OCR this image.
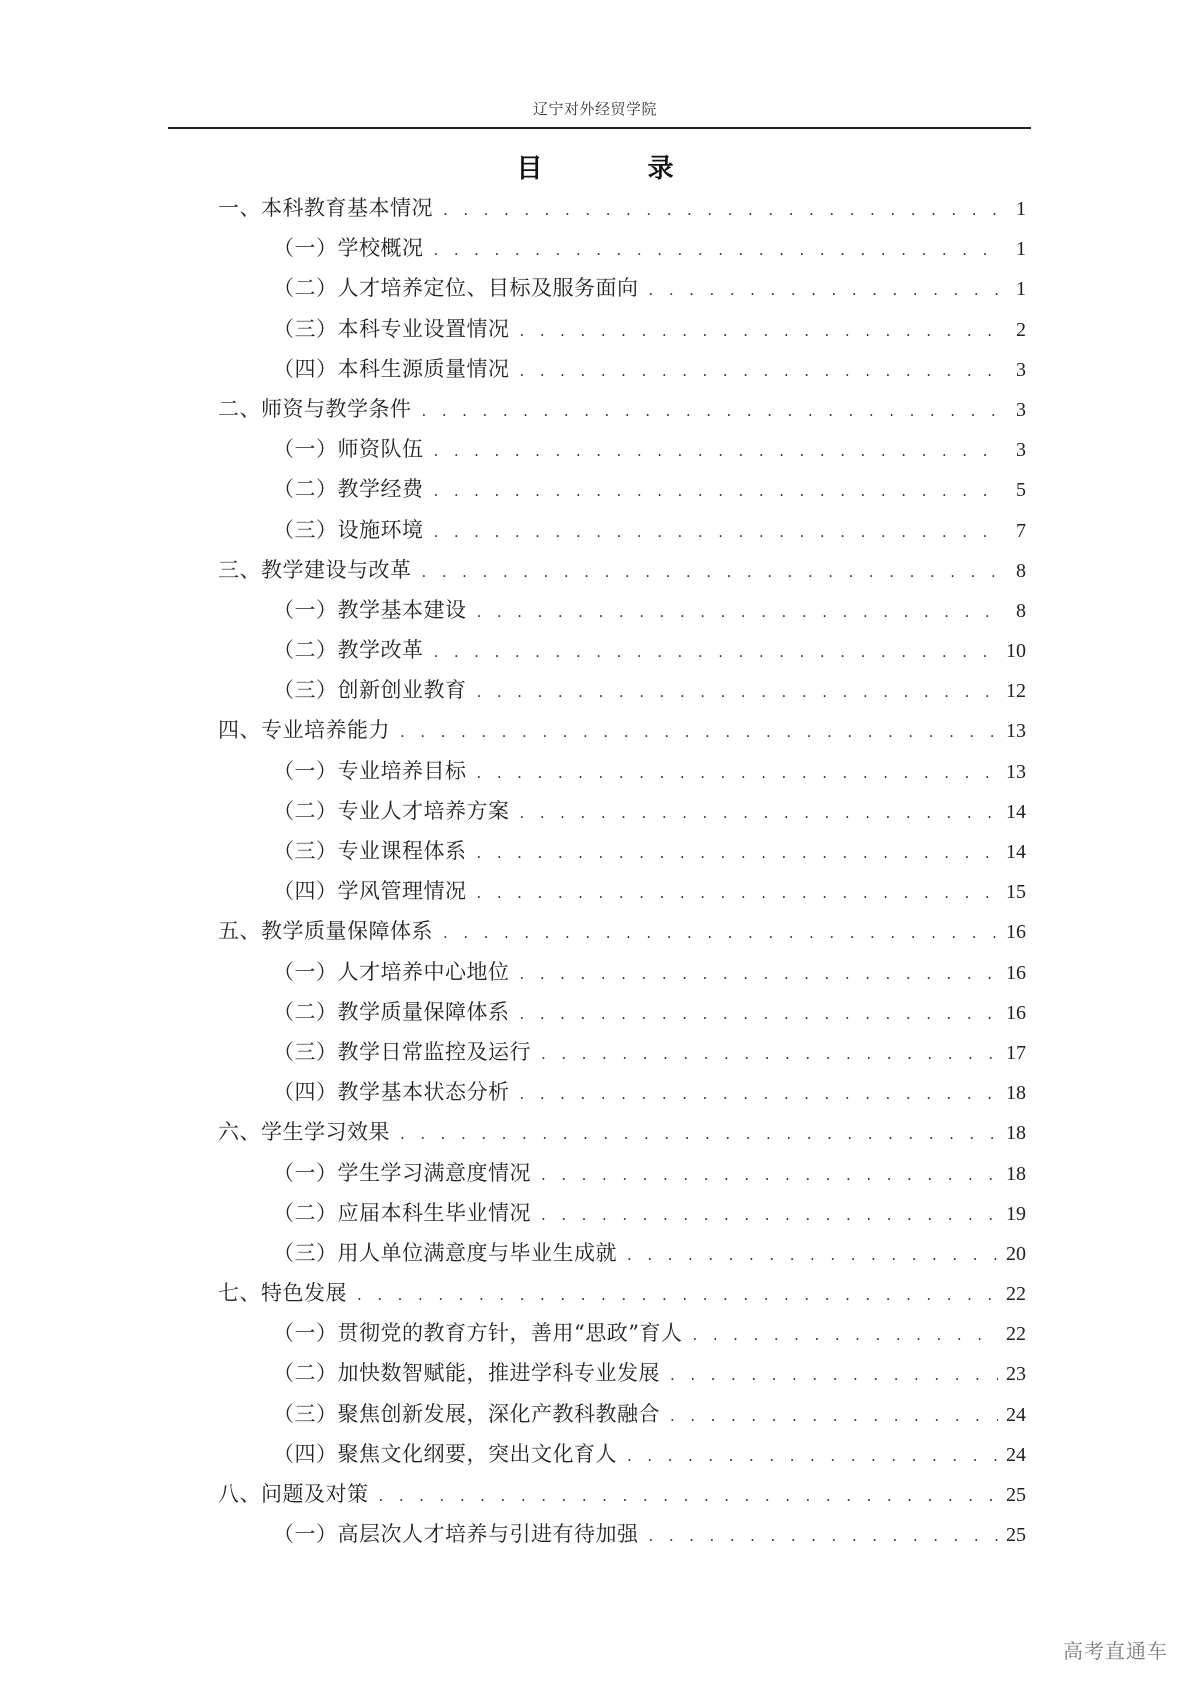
辽宁对外经贸学院
目 录
一、本科教育基本情况 . . .	1
（一）学校概况 . . .	1
（二）人才培养定位、目标及服务面向 . . .	1
（三）本科专业设置情况 . . .	2
（四）本科生源质量情况 . . .	3
二、师资与教学条件 . . .	3
（一）师资队伍 . . .	3
（二）教学经费 . . .	5
（三）设施环境 . . .	7
三、教学建设与改革 . . .	8
（一）教学基本建设 . . .	8
（二）教学改革 . . .	10
（三）创新创业教育 . . .	12
四、专业培养能力 . . .	13
（一）专业培养目标 . . .	13
（二）专业人才培养方案 . . .	14
（三）专业课程体系 . . .	14
（四）学风管理情况 . . .	15
五、教学质量保障体系 . . .	16
（一）人才培养中心地位 . . .	16
（二）教学质量保障体系 . . .	16
（三）教学日常监控及运行 . . .	17
（四）教学基本状态分析 . . .	18
六、学生学习效果 . . .	18
（一）学生学习满意度情况 . . .	18
（二）应届本科生毕业情况 . . .	19
（三）用人单位满意度与毕业生成就 . . .	20
七、特色发展 . . .	22
（一）贯彻党的教育方针，善用“思政”育人 . . .	22
（二）加快数智赋能，推进学科专业发展 . . .	23
（三）聚焦创新发展，深化产教科教融合 . . .	24
（四）聚焦文化纲要，突出文化育人 . . .	24
八、问题及对策 . . .	25
（一）高层次人才培养与引进有待加强 . . .	25
高考直通车
